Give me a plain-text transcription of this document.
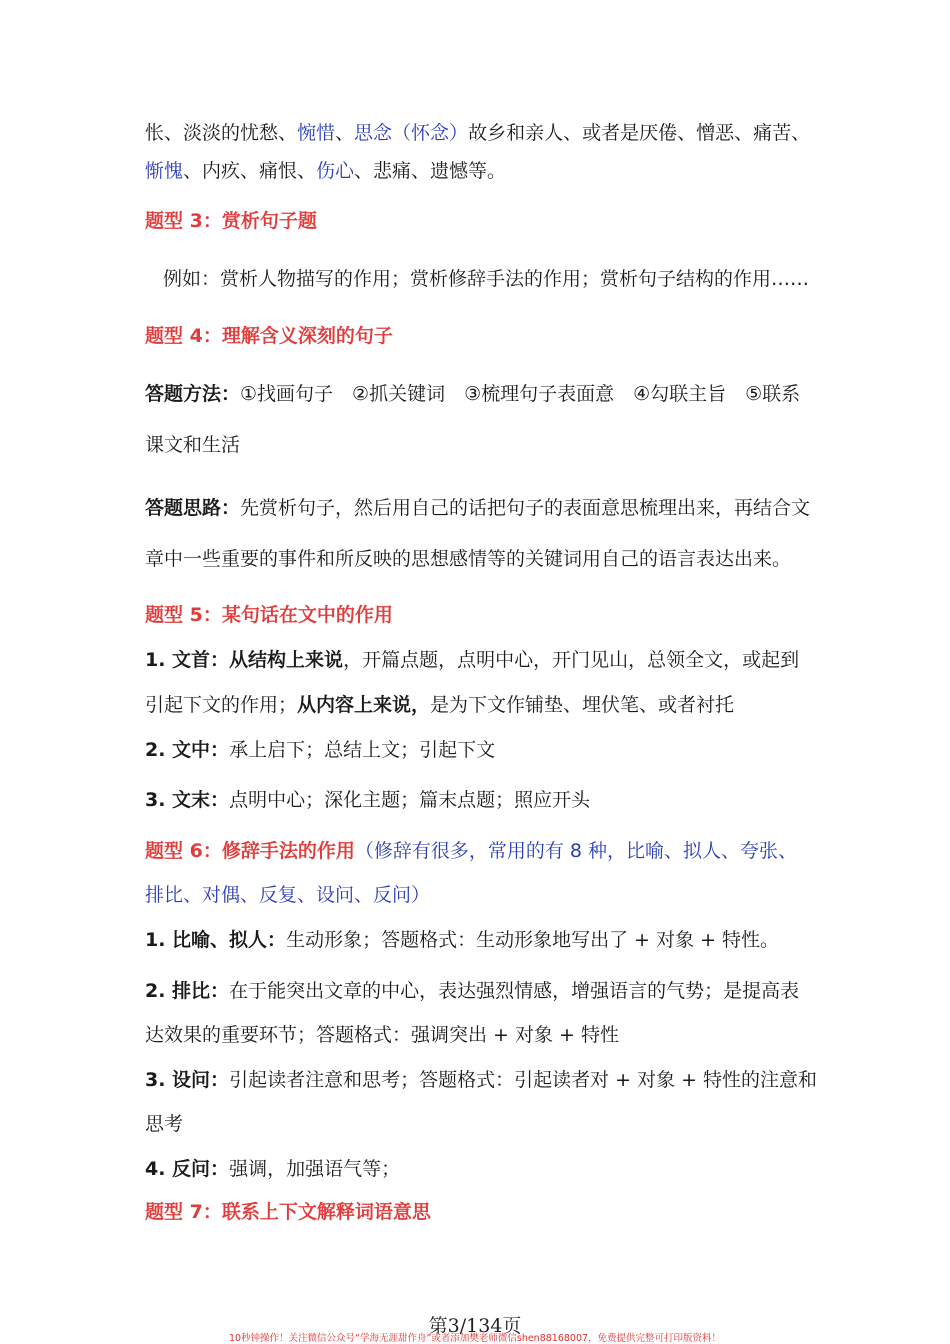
怅、淡淡的忧愁、惋惜、思念（怀念）故乡和亲人、或者是厌倦、憎恶、痛苦、
惭愧、内疚、痛恨、伤心、悲痛、遗憾等。
题型 3：赏析句子题
例如：赏析人物描写的作用；赏析修辞手法的作用；赏析句子结构的作用……
题型 4：理解含义深刻的句子
答题方法：①找画句子　②抓关键词　③梳理句子表面意　④勾联主旨　⑤联系
课文和生活
答题思路：先赏析句子，然后用自己的话把句子的表面意思梳理出来，再结合文
章中一些重要的事件和所反映的思想感情等的关键词用自己的语言表达出来。
题型 5：某句话在文中的作用
1. 文首：从结构上来说，开篇点题，点明中心，开门见山，总领全文，或起到
引起下文的作用；从内容上来说，是为下文作铺垫、埋伏笔、或者衬托
2. 文中：承上启下；总结上文；引起下文
3. 文末：点明中心；深化主题；篇末点题；照应开头
题型 6：修辞手法的作用（修辞有很多，常用的有 8 种，比喻、拟人、夸张、
排比、对偶、反复、设问、反问）
1. 比喻、拟人：生动形象；答题格式：生动形象地写出了 + 对象 + 特性。
2. 排比：在于能突出文章的中心，表达强烈情感，增强语言的气势；是提高表
达效果的重要环节；答题格式：强调突出 + 对象 + 特性
3. 设问：引起读者注意和思考；答题格式：引起读者对 + 对象 + 特性的注意和
思考
4. 反问：强调，加强语气等；
题型 7：联系上下文解释词语意思
第3/134页
10秒钟操作！关注微信公众号“学海无涯甜作舟”或者添加樊老师微信shen88168007，免费提供完整可打印版资料！
